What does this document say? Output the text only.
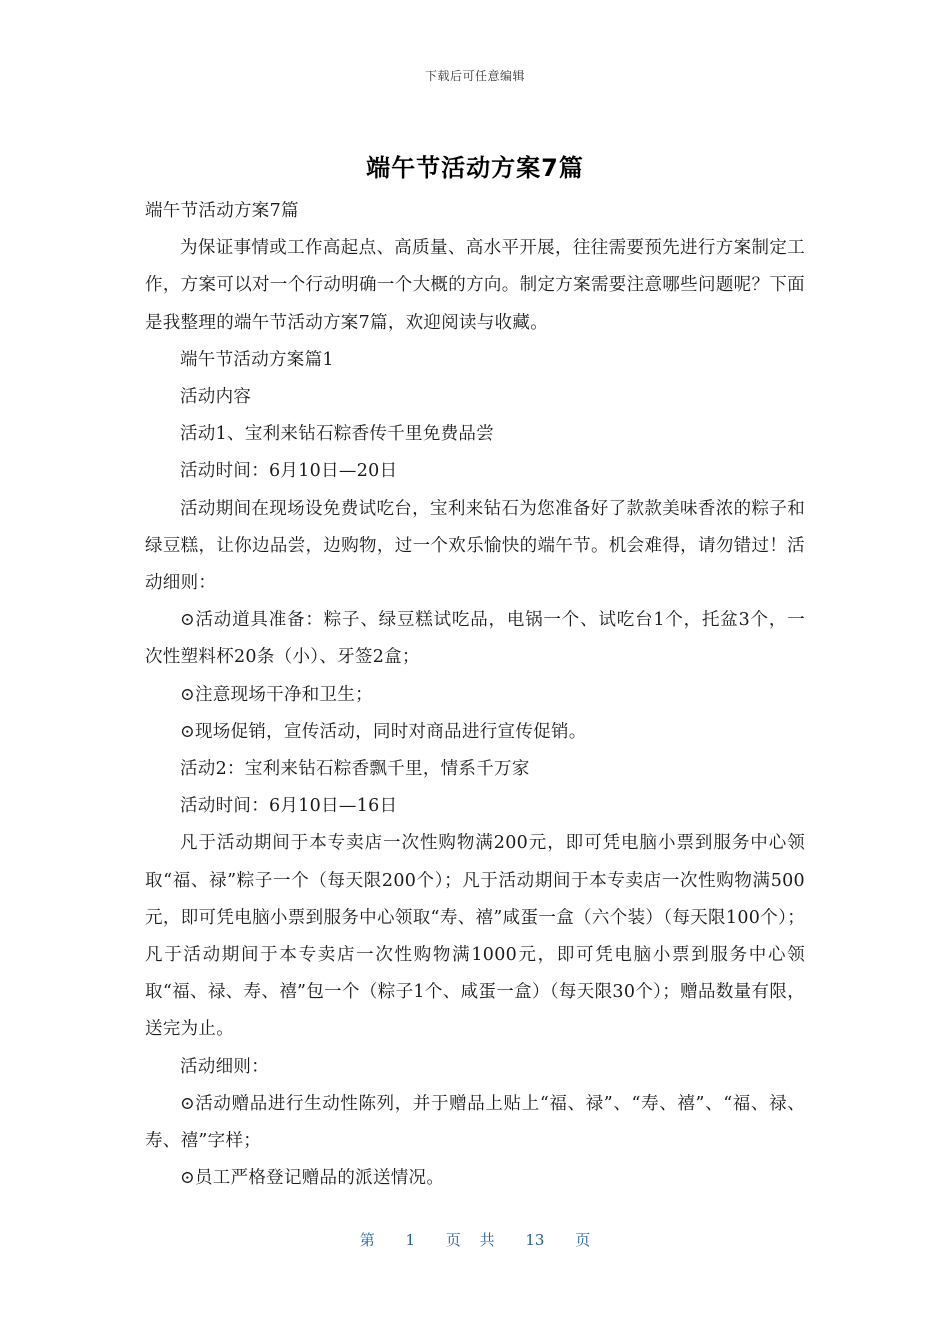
下载后可任意编辑
端午节活动方案7篇

端午节活动方案7篇

为保证事情或工作高起点、高质量、高水平开展，往往需要预先进行方案制定工作，方案可以对一个行动明确一个大概的方向。制定方案需要注意哪些问题呢？下面是我整理的端午节活动方案7篇，欢迎阅读与收藏。

端午节活动方案篇1

活动内容

活动1、宝利来钻石粽香传千里免费品尝

活动时间：6月10日—20日

活动期间在现场设免费试吃台，宝利来钻石为您准备好了款款美味香浓的粽子和绿豆糕，让你边品尝，边购物，过一个欢乐愉快的端午节。机会难得，请勿错过！活动细则：

⊙活动道具准备：粽子、绿豆糕试吃品，电锅一个、试吃台1个，托盆3个，一次性塑料杯20条（小）、牙签2盒；

⊙注意现场干净和卫生；

⊙现场促销，宣传活动，同时对商品进行宣传促销。

活动2：宝利来钻石粽香飘千里，情系千万家

活动时间：6月10日—16日

凡于活动期间于本专卖店一次性购物满200元，即可凭电脑小票到服务中心领取“福、禄”粽子一个（每天限200个）；凡于活动期间于本专卖店一次性购物满500元，即可凭电脑小票到服务中心领取“寿、禧”咸蛋一盒（六个装）（每天限100个）；凡于活动期间于本专卖店一次性购物满1000元，即可凭电脑小票到服务中心领取“福、禄、寿、禧”包一个（粽子1个、咸蛋一盒）（每天限30个）；赠品数量有限，送完为止。

活动细则：

⊙活动赠品进行生动性陈列，并于赠品上贴上“福、禄”、“寿、禧”、“福、禄、寿、禧”字样；

⊙员工严格登记赠品的派送情况。

第 1 页 共 13 页
